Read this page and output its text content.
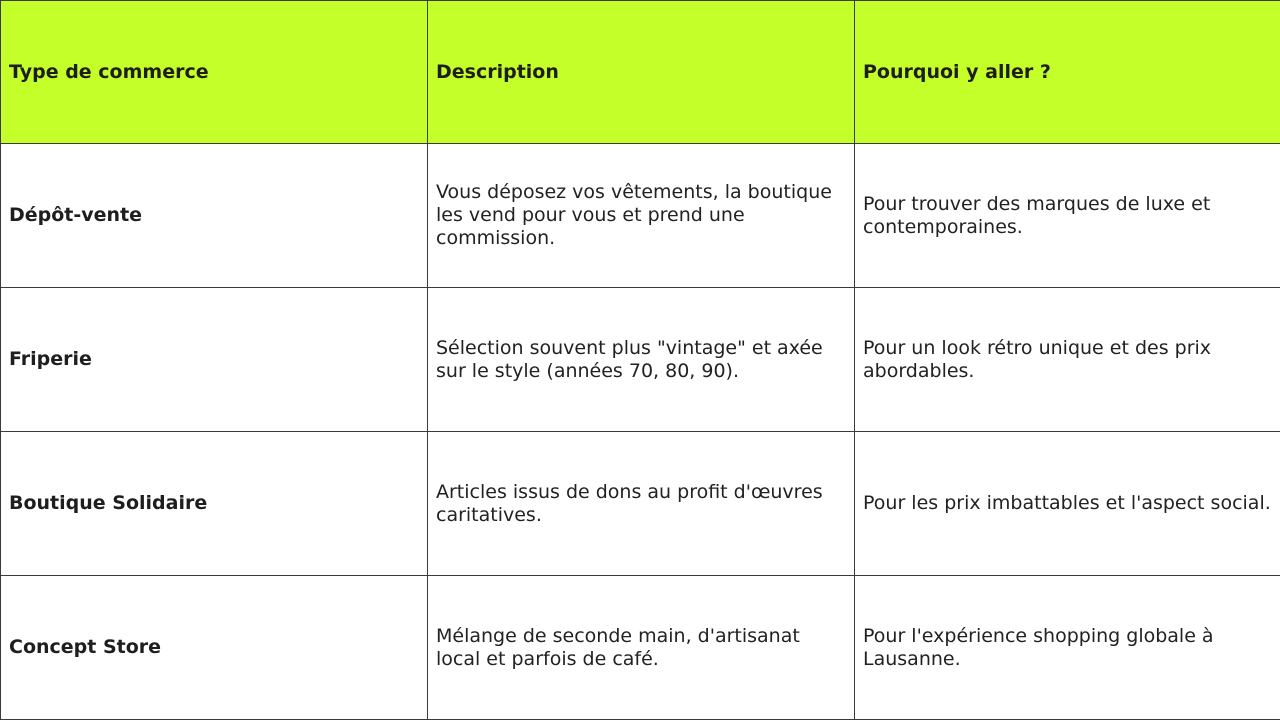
Type de commerce	Description	Pourquoi y aller ?
Dépôt-vente	Vous déposez vos vêtements, la boutique les vend pour vous et prend une commission.	Pour trouver des marques de luxe et contemporaines.
Friperie	Sélection souvent plus "vintage" et axée sur le style (années 70, 80, 90).	Pour un look rétro unique et des prix abordables.
Boutique Solidaire	Articles issus de dons au profit d'œuvres caritatives.	Pour les prix imbattables et l'aspect social.
Concept Store	Mélange de seconde main, d'artisanat local et parfois de café.	Pour l'expérience shopping globale à Lausanne.
